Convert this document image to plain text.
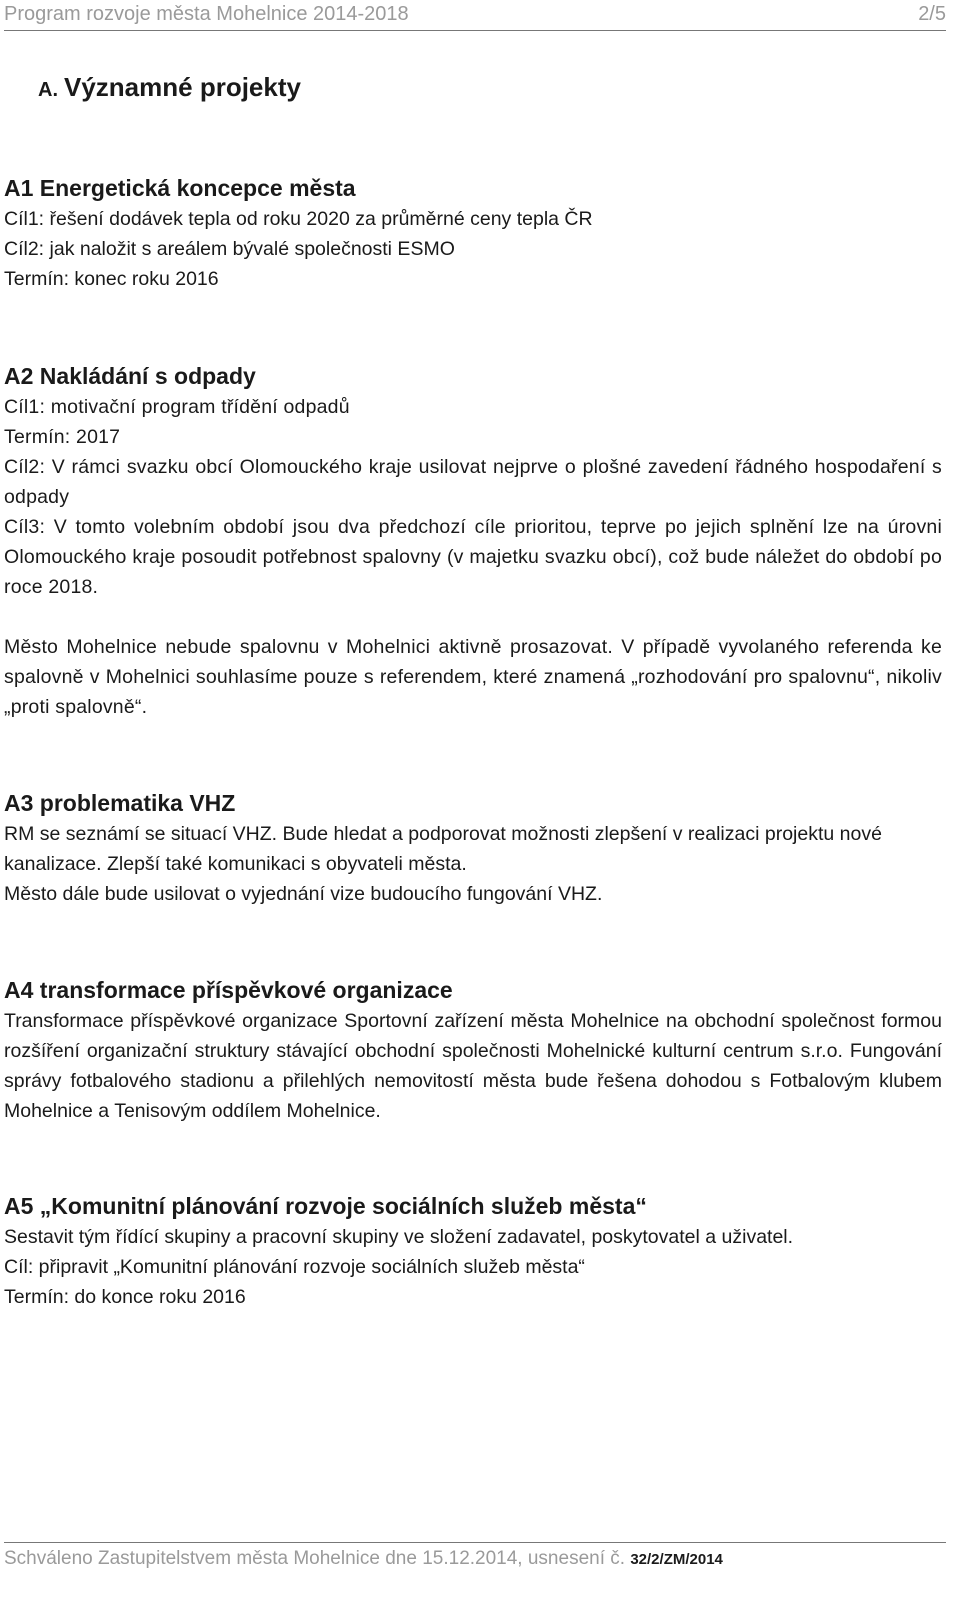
Program rozvoje města Mohelnice 2014-2018	2/5
A. Významné projekty
A1 Energetická koncepce města

Cíl1: řešení dodávek tepla od roku 2020 za průměrné ceny tepla ČR

Cíl2: jak naložit s areálem bývalé společnosti ESMO

Termín: konec roku 2016

A2 Nakládání s odpady

Cíl1: motivační program třídění odpadů

Termín: 2017

Cíl2: V rámci svazku obcí Olomouckého kraje usilovat nejprve o plošné zavedení řádného hospodaření s odpady

Cíl3: V tomto volebním období jsou dva předchozí cíle prioritou, teprve po jejich splnění lze na úrovni Olomouckého kraje posoudit potřebnost spalovny (v majetku svazku obcí), což bude náležet do období po roce 2018.

Město Mohelnice nebude spalovnu v Mohelnici aktivně prosazovat. V případě vyvolaného referenda ke spalovně v Mohelnici souhlasíme pouze s referendem, které znamená „rozhodování pro spalovnu“, nikoliv „proti spalovně“.

A3 problematika VHZ

RM se seznámí se situací VHZ. Bude hledat a podporovat možnosti zlepšení v realizaci projektu nové kanalizace. Zlepší také komunikaci s obyvateli města.

Město dále bude usilovat o vyjednání vize budoucího fungování VHZ.

A4 transformace příspěvkové organizace

Transformace příspěvkové organizace Sportovní zařízení města Mohelnice na obchodní společnost formou rozšíření organizační struktury stávající obchodní společnosti Mohelnické kulturní centrum s.r.o. Fungování správy fotbalového stadionu a přilehlých nemovitostí města bude řešena dohodou s Fotbalovým klubem Mohelnice a Tenisovým oddílem Mohelnice.

A5 „Komunitní plánování rozvoje sociálních služeb města“

Sestavit tým řídící skupiny a pracovní skupiny ve složení zadavatel, poskytovatel a uživatel.

Cíl: připravit „Komunitní plánování rozvoje sociálních služeb města“

Termín: do konce roku 2016

Schváleno Zastupitelstvem města Mohelnice dne 15.12.2014, usnesení č. 32/2/ZM/2014
